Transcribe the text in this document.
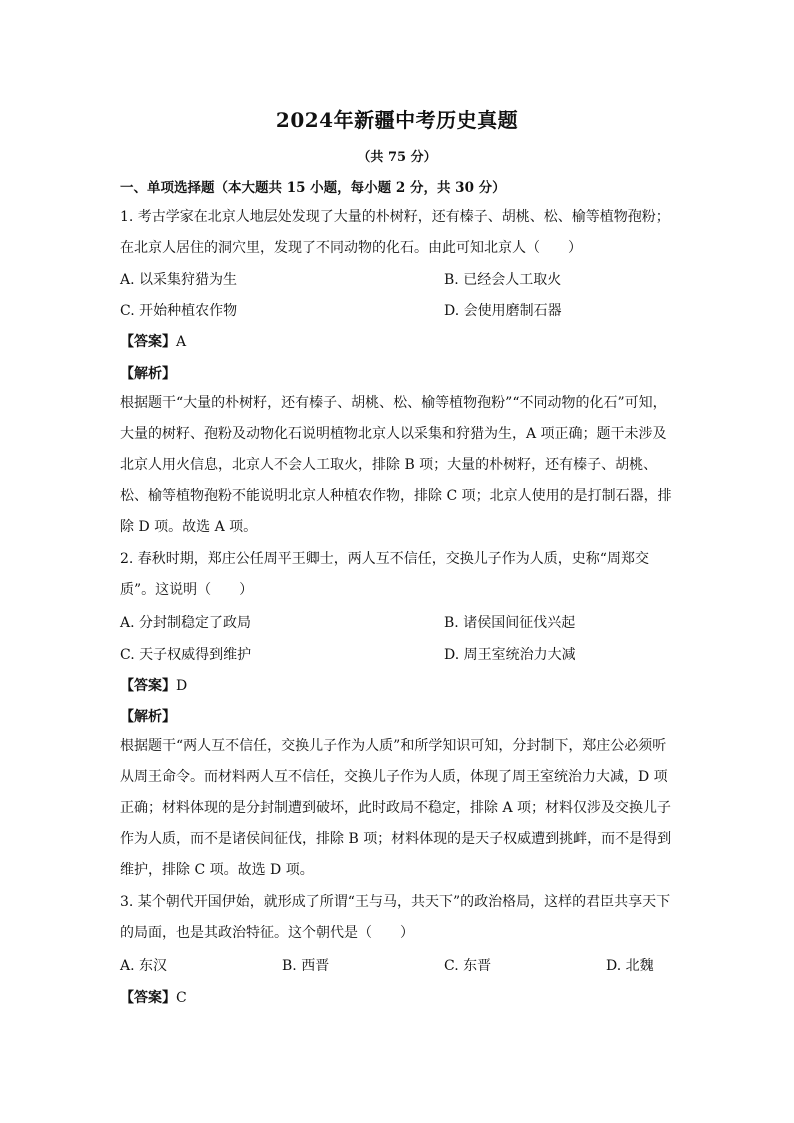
2024年新疆中考历史真题
（共 75 分）
一、单项选择题（本大题共 15 小题，每小题 2 分，共 30 分）
1. 考古学家在北京人地层处发现了大量的朴树籽，还有榛子、胡桃、松、榆等植物孢粉；
在北京人居住的洞穴里，发现了不同动物的化石。由此可知北京人（　　）
A. 以采集狩猎为生	B. 已经会人工取火
C. 开始种植农作物	D. 会使用磨制石器
【答案】A
【解析】
根据题干“大量的朴树籽，还有榛子、胡桃、松、榆等植物孢粉”“不同动物的化石”可知，
大量的树籽、孢粉及动物化石说明植物北京人以采集和狩猎为生，A 项正确；题干未涉及
北京人用火信息，北京人不会人工取火，排除 B 项；大量的朴树籽，还有榛子、胡桃、
松、榆等植物孢粉不能说明北京人种植农作物，排除 C 项；北京人使用的是打制石器，排
除 D 项。故选 A 项。
2. 春秋时期，郑庄公任周平王卿士，两人互不信任，交换儿子作为人质，史称“周郑交
质”。这说明（　　）
A. 分封制稳定了政局	B. 诸侯国间征伐兴起
C. 天子权威得到维护	D. 周王室统治力大减
【答案】D
【解析】
根据题干“两人互不信任，交换儿子作为人质”和所学知识可知，分封制下，郑庄公必须听
从周王命令。而材料两人互不信任，交换儿子作为人质，体现了周王室统治力大减，D 项
正确；材料体现的是分封制遭到破坏，此时政局不稳定，排除 A 项；材料仅涉及交换儿子
作为人质，而不是诸侯间征伐，排除 B 项；材料体现的是天子权威遭到挑衅，而不是得到
维护，排除 C 项。故选 D 项。
3. 某个朝代开国伊始，就形成了所谓“王与马，共天下”的政治格局，这样的君臣共享天下
的局面，也是其政治特征。这个朝代是（　　）
A. 东汉	B. 西晋	C. 东晋	D. 北魏
【答案】C
